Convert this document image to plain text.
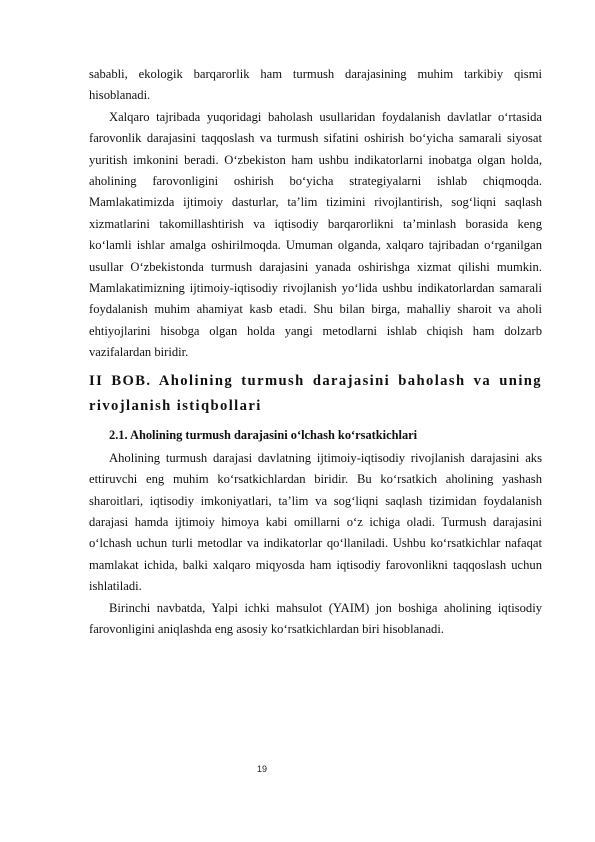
sababli, ekologik barqarorlik ham turmush darajasining muhim tarkibiy qismi hisoblanadi.

Xalqaro tajribada yuqoridagi baholash usullaridan foydalanish davlatlar o‘rtasida farovonlik darajasini taqqoslash va turmush sifatini oshirish bo‘yicha samarali siyosat yuritish imkonini beradi. O‘zbekiston ham ushbu indikatorlarni inobatga olgan holda, aholining farovonligini oshirish bo‘yicha strategiyalarni ishlab chiqmoqda. Mamlakatimizda ijtimoiy dasturlar, ta’lim tizimini rivojlantirish, sog‘liqni saqlash xizmatlarini takomillashtirish va iqtisodiy barqarorlikni ta’minlash borasida keng ko‘lamli ishlar amalga oshirilmoqda. Umuman olganda, xalqaro tajribadan o‘rganilgan usullar O‘zbekistonda turmush darajasini yanada oshirishga xizmat qilishi mumkin. Mamlakatimizning ijtimoiy-iqtisodiy rivojlanish yo‘lida ushbu indikatorlardan samarali foydalanish muhim ahamiyat kasb etadi. Shu bilan birga, mahalliy sharoit va aholi ehtiyojlarini hisobga olgan holda yangi metodlarni ishlab chiqish ham dolzarb vazifalardan biridir.

II BOB. Aholining turmush darajasini baholash va uning rivojlanish istiqbollari
2.1. Aholining turmush darajasini o‘lchash ko‘rsatkichlari

Aholining turmush darajasi davlatning ijtimoiy-iqtisodiy rivojlanish darajasini aks ettiruvchi eng muhim ko‘rsatkichlardan biridir. Bu ko‘rsatkich aholining yashash sharoitlari, iqtisodiy imkoniyatlari, ta’lim va sog‘liqni saqlash tizimidan foydalanish darajasi hamda ijtimoiy himoya kabi omillarni o‘z ichiga oladi. Turmush darajasini o‘lchash uchun turli metodlar va indikatorlar qo‘llaniladi. Ushbu ko‘rsatkichlar nafaqat mamlakat ichida, balki xalqaro miqyosda ham iqtisodiy farovonlikni taqqoslash uchun ishlatiladi.

Birinchi navbatda, Yalpi ichki mahsulot (YAIM) jon boshiga aholining iqtisodiy farovonligini aniqlashda eng asosiy ko‘rsatkichlardan biri hisoblanadi.

19
